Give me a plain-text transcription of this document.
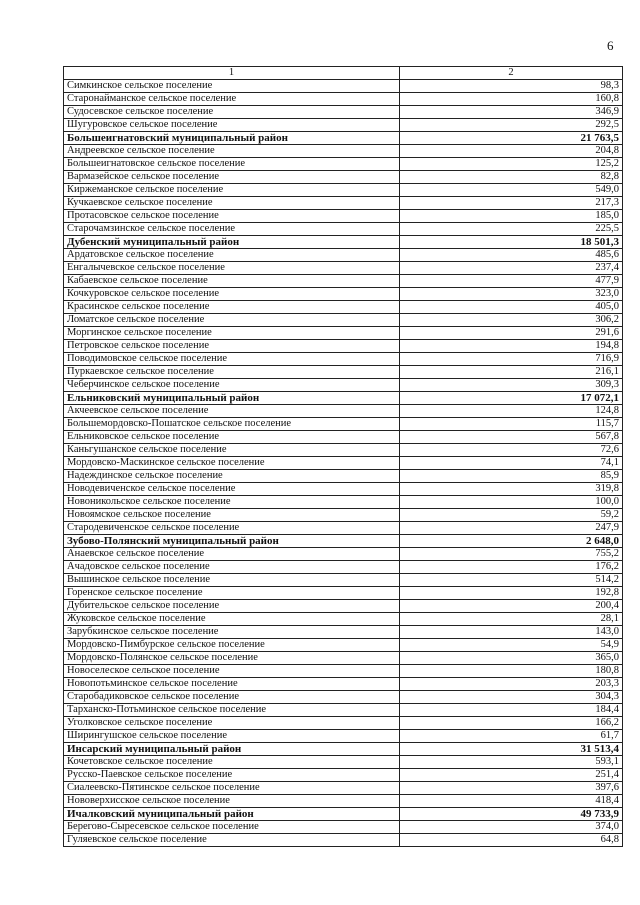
6
1	2
Симкинское сельское поселение	98,3
Старонайманское сельское поселение	160,8
Судосевское сельское поселение	346,9
Шугуровское сельское поселение	292,5
Большеигнатовский муниципальный район	21 763,5
Андреевское сельское поселение	204,8
Большеигнатовское сельское поселение	125,2
Вармазейское сельское поселение	82,8
Киржеманское сельское поселение	549,0
Кучкаевское сельское поселение	217,3
Протасовское сельское поселение	185,0
Старочамзинское сельское поселение	225,5
Дубенский муниципальный район	18 501,3
Ардатовское сельское поселение	485,6
Енгалычевское сельское поселение	237,4
Кабаевское сельское поселение	477,9
Кочкуровское сельское поселение	323,0
Красинское сельское поселение	405,0
Ломатское сельское поселение	306,2
Моргинское сельское поселение	291,6
Петровское сельское поселение	194,8
Поводимовское сельское поселение	716,9
Пуркаевское сельское поселение	216,1
Чеберчинское сельское поселение	309,3
Ельниковский муниципальный район	17 072,1
Акчеевское сельское поселение	124,8
Большемордовско-Пошатское сельское поселение	115,7
Ельниковское сельское поселение	567,8
Каньгушанское сельское поселение	72,6
Мордовско-Маскинское сельское поселение	74,1
Надеждинское сельское поселение	85,9
Новодевиченское сельское поселение	319,8
Новоникольское сельское поселение	100,0
Новоямское сельское поселение	59,2
Стародевиченское сельское поселение	247,9
Зубово-Полянский муниципальный район	2 648,0
Анаевское сельское поселение	755,2
Ачадовское сельское поселение	176,2
Вышинское сельское поселение	514,2
Горенское сельское поселение	192,8
Дубительское сельское поселение	200,4
Жуковское сельское поселение	28,1
Зарубкинское сельское поселение	143,0
Мордовско-Пимбурское сельское поселение	54,9
Мордовско-Полянское сельское поселение	365,0
Новоселеское сельское поселение	180,8
Новопотьминское сельское поселение	203,3
Старобадиковское сельское поселение	304,3
Тарханско-Потьминское сельское поселение	184,4
Уголковское сельское поселение	166,2
Ширингушское сельское поселение	61,7
Инсарский муниципальный район	31 513,4
Кочетовское сельское поселение	593,1
Русско-Паевское сельское поселение	251,4
Сиалеевско-Пятинское сельское поселение	397,6
Нововерхисское сельское поселение	418,4
Ичалковский муниципальный район	49 733,9
Берегово-Сыресевское сельское поселение	374,0
Гуляевское сельское поселение	64,8
